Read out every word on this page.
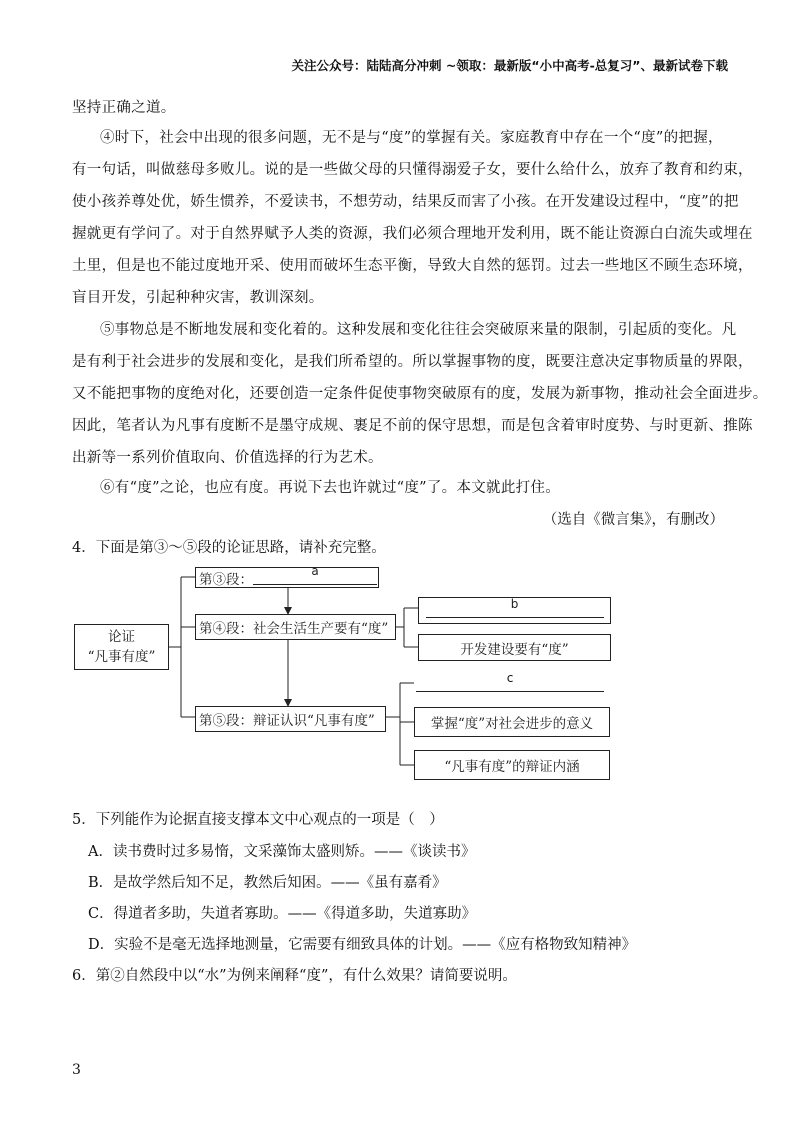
关注公众号：陆陆高分冲刺 ~领取：最新版“小中高考-总复习”、最新试卷下载
坚持正确之道。
④时下，社会中出现的很多问题，无不是与“度”的掌握有关。家庭教育中存在一个“度”的把握，
有一句话，叫做慈母多败儿。说的是一些做父母的只懂得溺爱子女，要什么给什么，放弃了教育和约束，
使小孩养尊处优，娇生惯养，不爱读书，不想劳动，结果反而害了小孩。在开发建设过程中，“度”的把
握就更有学问了。对于自然界赋予人类的资源，我们必须合理地开发利用，既不能让资源白白流失或埋在
土里，但是也不能过度地开采、使用而破坏生态平衡，导致大自然的惩罚。过去一些地区不顾生态环境，
盲目开发，引起种种灾害，教训深刻。
⑤事物总是不断地发展和变化着的。这种发展和变化往往会突破原来量的限制，引起质的变化。凡
是有利于社会进步的发展和变化，是我们所希望的。所以掌握事物的度，既要注意决定事物质量的界限，
又不能把事物的度绝对化，还要创造一定条件促使事物突破原有的度，发展为新事物，推动社会全面进步。
因此，笔者认为凡事有度断不是墨守成规、裹足不前的保守思想，而是包含着审时度势、与时更新、推陈
出新等一系列价值取向、价值选择的行为艺术。
⑥有“度”之论，也应有度。再说下去也许就过“度”了。本文就此打住。
（选自《微言集》，有删改）
4．下面是第③～⑤段的论证思路，请补充完整。
论证
“凡事有度”
第③段：
a
第④段：社会生活生产要有“度”
b
开发建设要有“度”
第⑤段：辩证认识“凡事有度”
c
掌握“度”对社会进步的意义
“凡事有度”的辩证内涵
5．下列能作为论据直接支撑本文中心观点的一项是（　）
A．读书费时过多易惰，文采藻饰太盛则矫。——《谈读书》
B．是故学然后知不足，教然后知困。——《虽有嘉肴》
C．得道者多助，失道者寡助。——《得道多助，失道寡助》
D．实验不是毫无选择地测量，它需要有细致具体的计划。——《应有格物致知精神》
6．第②自然段中以“水”为例来阐释“度”，有什么效果？请简要说明。
3
